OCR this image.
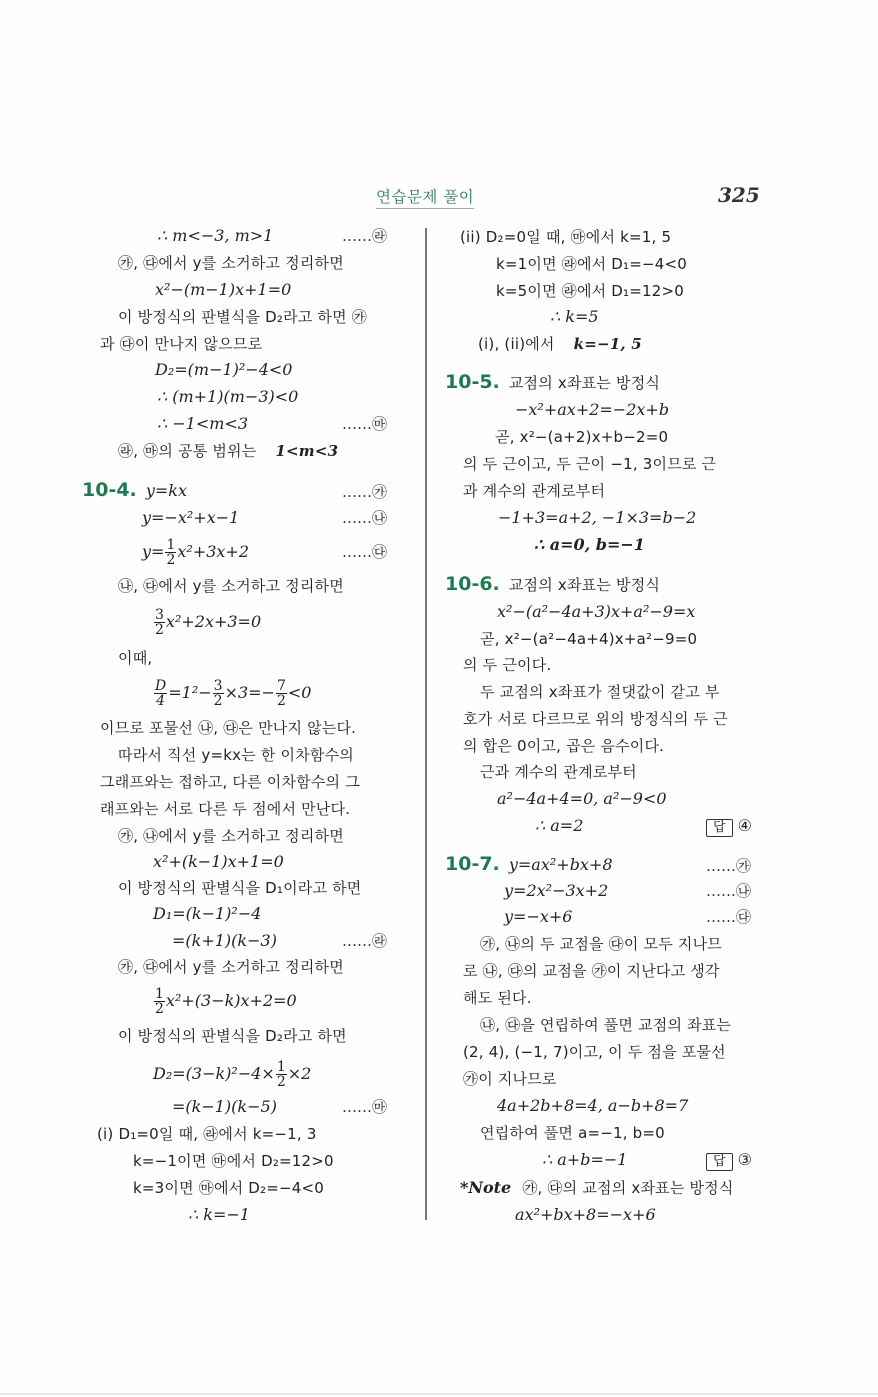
연습문제 풀이	325
∴ m<−3, m>1	……㉱
㉮, ㉰에서 y를 소거하고 정리하면
x²−(m−1)x+1=0
이 방정식의 판별식을 D₂라고 하면 ㉮
과 ㉰이 만나지 않으므로
D₂=(m−1)²−4<0
∴ (m+1)(m−3)<0
∴ −1<m<3	……㉲
㉱, ㉲의 공통 범위는 1<m<3
10-4. y=kx	……㉮
y=−x²+x−1	……㉯
$y= \frac{1}{2} x^2+3x+2$	……㉰
㉯, ㉰에서 y를 소거하고 정리하면
$\frac{3}{2} x^2+2x+3=0$
이때,
$\frac{D}{4} =1^2- \frac{3}{2} \times 3=- \frac{7}{2} <0$
이므로 포물선 ㉯, ㉰은 만나지 않는다.
따라서 직선 y=kx는 한 이차함수의
그래프와는 접하고, 다른 이차함수의 그
래프와는 서로 다른 두 점에서 만난다.
㉮, ㉯에서 y를 소거하고 정리하면
x²+(k−1)x+1=0
이 방정식의 판별식을 D₁이라고 하면
D₁=(k−1)²−4
=(k+1)(k−3)	……㉱
㉮, ㉰에서 y를 소거하고 정리하면
$\frac{1}{2} x^2+(3-k)x+2=0$
이 방정식의 판별식을 D₂라고 하면
$D_2=(3-k)^2-4\times \frac{1}{2} \times 2$
=(k−1)(k−5)	……㉲
(i) D₁=0일 때, ㉱에서 k=−1, 3
k=−1이면 ㉲에서 D₂=12>0
k=3이면 ㉲에서 D₂=−4<0
∴ k=−1
(ii) D₂=0일 때, ㉲에서 k=1, 5
k=1이면 ㉱에서 D₁=−4<0
k=5이면 ㉱에서 D₁=12>0
∴ k=5
(i), (ii)에서 k=−1, 5
10-5. 교점의 x좌표는 방정식
−x²+ax+2=−2x+b
곧, x²−(a+2)x+b−2=0
의 두 근이고, 두 근이 −1, 3이므로 근
과 계수의 관계로부터
−1+3=a+2, −1×3=b−2
∴ a=0, b=−1
10-6. 교점의 x좌표는 방정식
x²−(a²−4a+3)x+a²−9=x
곧, x²−(a²−4a+4)x+a²−9=0
의 두 근이다.
두 교점의 x좌표가 절댓값이 같고 부
호가 서로 다르므로 위의 방정식의 두 근
의 합은 0이고, 곱은 음수이다.
근과 계수의 관계로부터
a²−4a+4=0, a²−9<0
∴ a=2	답 ④
10-7. y=ax²+bx+8	……㉮
y=2x²−3x+2	……㉯
y=−x+6	……㉰
㉮, ㉯의 두 교점을 ㉰이 모두 지나므
로 ㉯, ㉰의 교점을 ㉮이 지난다고 생각
해도 된다.
㉯, ㉰을 연립하여 풀면 교점의 좌표는
(2, 4), (−1, 7)이고, 이 두 점을 포물선
㉮이 지나므로
4a+2b+8=4, a−b+8=7
연립하여 풀면 a=−1, b=0
∴ a+b=−1	답 ③
*Note ㉮, ㉰의 교점의 x좌표는 방정식
ax²+bx+8=−x+6
